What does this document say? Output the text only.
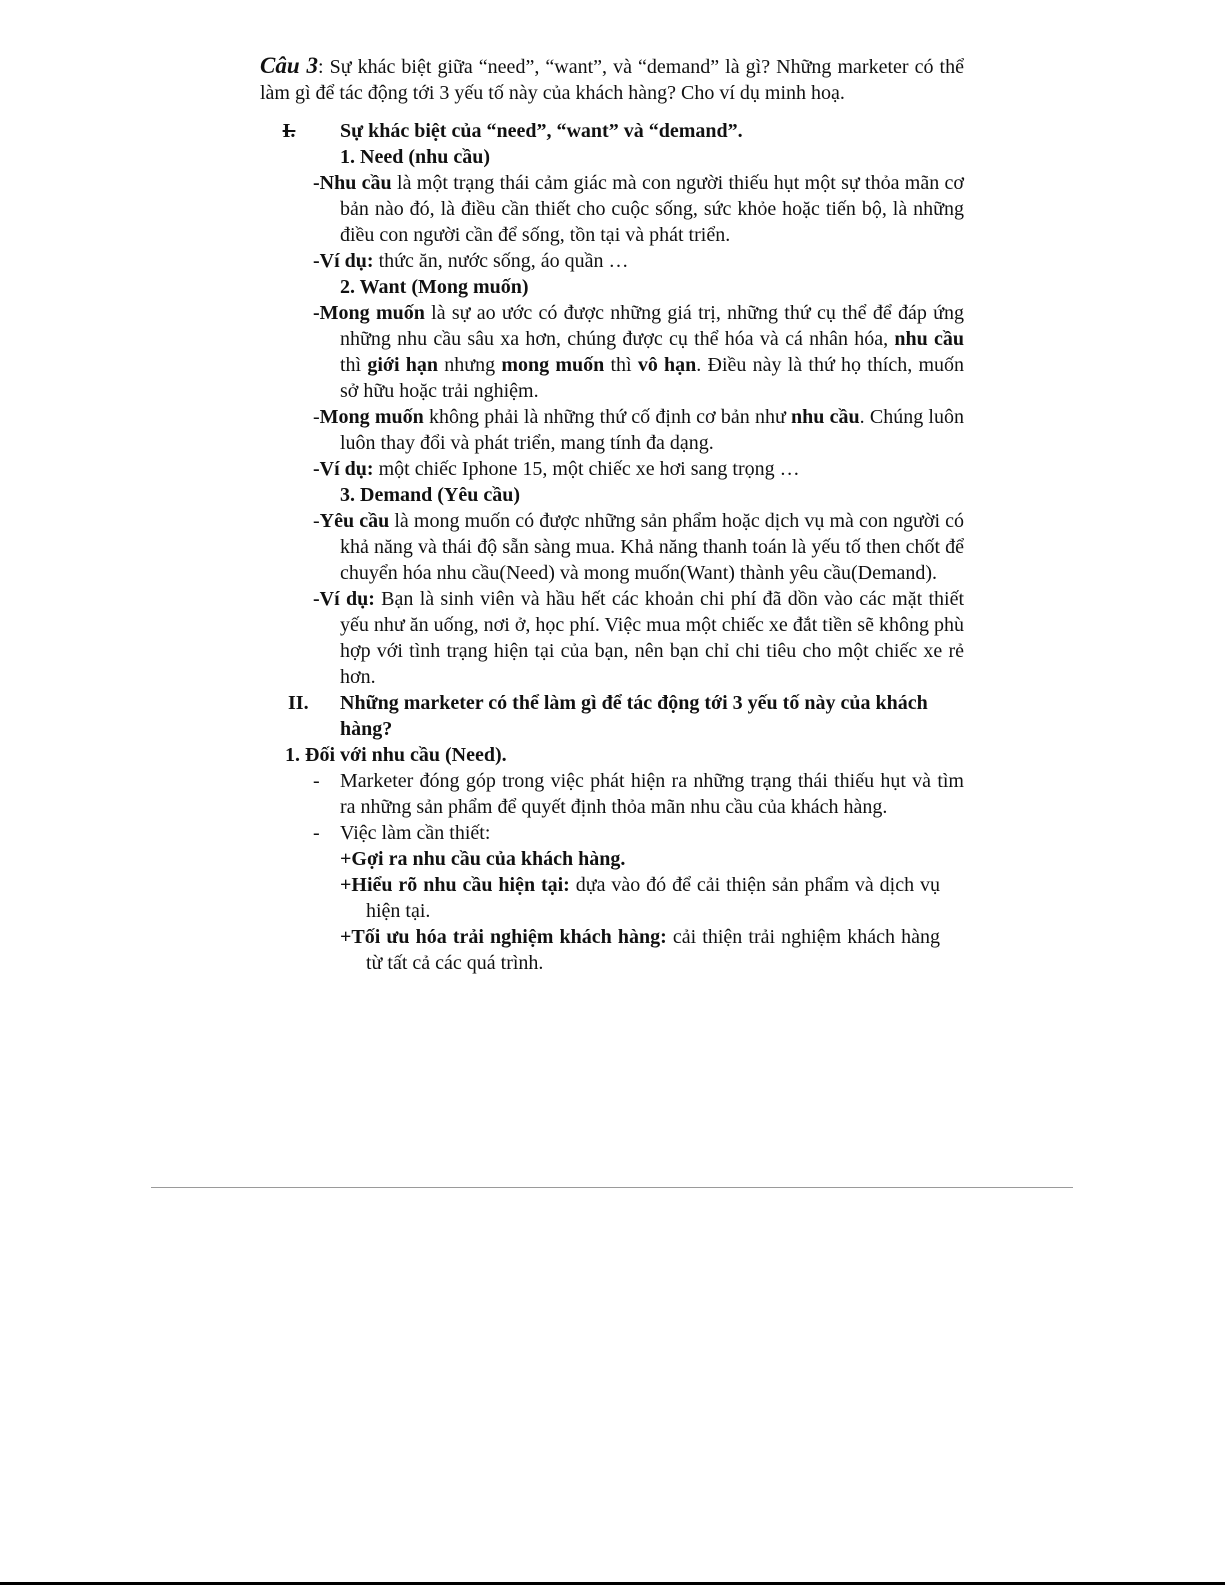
Câu 3: Sự khác biệt giữa “need”, “want”, và “demand” là gì? Những marketer có thể làm gì để tác động tới 3 yếu tố này của khách hàng? Cho ví dụ minh hoạ.

I.	Sự khác biệt của “need”, “want” và “demand”.

1. Need (nhu cầu)

-Nhu cầu là một trạng thái cảm giác mà con người thiếu hụt một sự thỏa mãn cơ bản nào đó, là điều cần thiết cho cuộc sống, sức khỏe hoặc tiến bộ, là những điều con người cần để sống, tồn tại và phát triển.

-Ví dụ: thức ăn, nước sống, áo quần …

2. Want (Mong muốn)

-Mong muốn là sự ao ước có được những giá trị, những thứ cụ thể để đáp ứng những nhu cầu sâu xa hơn, chúng được cụ thể hóa và cá nhân hóa, nhu cầu thì giới hạn nhưng mong muốn thì vô hạn. Điều này là thứ họ thích, muốn sở hữu hoặc trải nghiệm.

-Mong muốn không phải là những thứ cố định cơ bản như nhu cầu. Chúng luôn luôn thay đổi và phát triển, mang tính đa dạng.

-Ví dụ: một chiếc Iphone 15, một chiếc xe hơi sang trọng …

3. Demand (Yêu cầu)

-Yêu cầu là mong muốn có được những sản phẩm hoặc dịch vụ mà con người có khả năng và thái độ sẵn sàng mua. Khả năng thanh toán là yếu tố then chốt để chuyển hóa nhu cầu(Need) và mong muốn(Want) thành yêu cầu(Demand).

-Ví dụ: Bạn là sinh viên và hầu hết các khoản chi phí đã dồn vào các mặt thiết yếu như ăn uống, nơi ở, học phí. Việc mua một chiếc xe đắt tiền sẽ không phù hợp với tình trạng hiện tại của bạn, nên bạn chỉ chi tiêu cho một chiếc xe rẻ hơn.

II. Những marketer có thể làm gì để tác động tới 3 yếu tố này của khách hàng?

1. Đối với nhu cầu (Need).

- Marketer đóng góp trong việc phát hiện ra những trạng thái thiếu hụt và tìm ra những sản phẩm để quyết định thỏa mãn nhu cầu của khách hàng.

- Việc làm cần thiết:

+Gợi ra nhu cầu của khách hàng.

+Hiểu rõ nhu cầu hiện tại: dựa vào đó để cải thiện sản phẩm và dịch vụ hiện tại.

+Tối ưu hóa trải nghiệm khách hàng: cải thiện trải nghiệm khách hàng từ tất cả các quá trình.
